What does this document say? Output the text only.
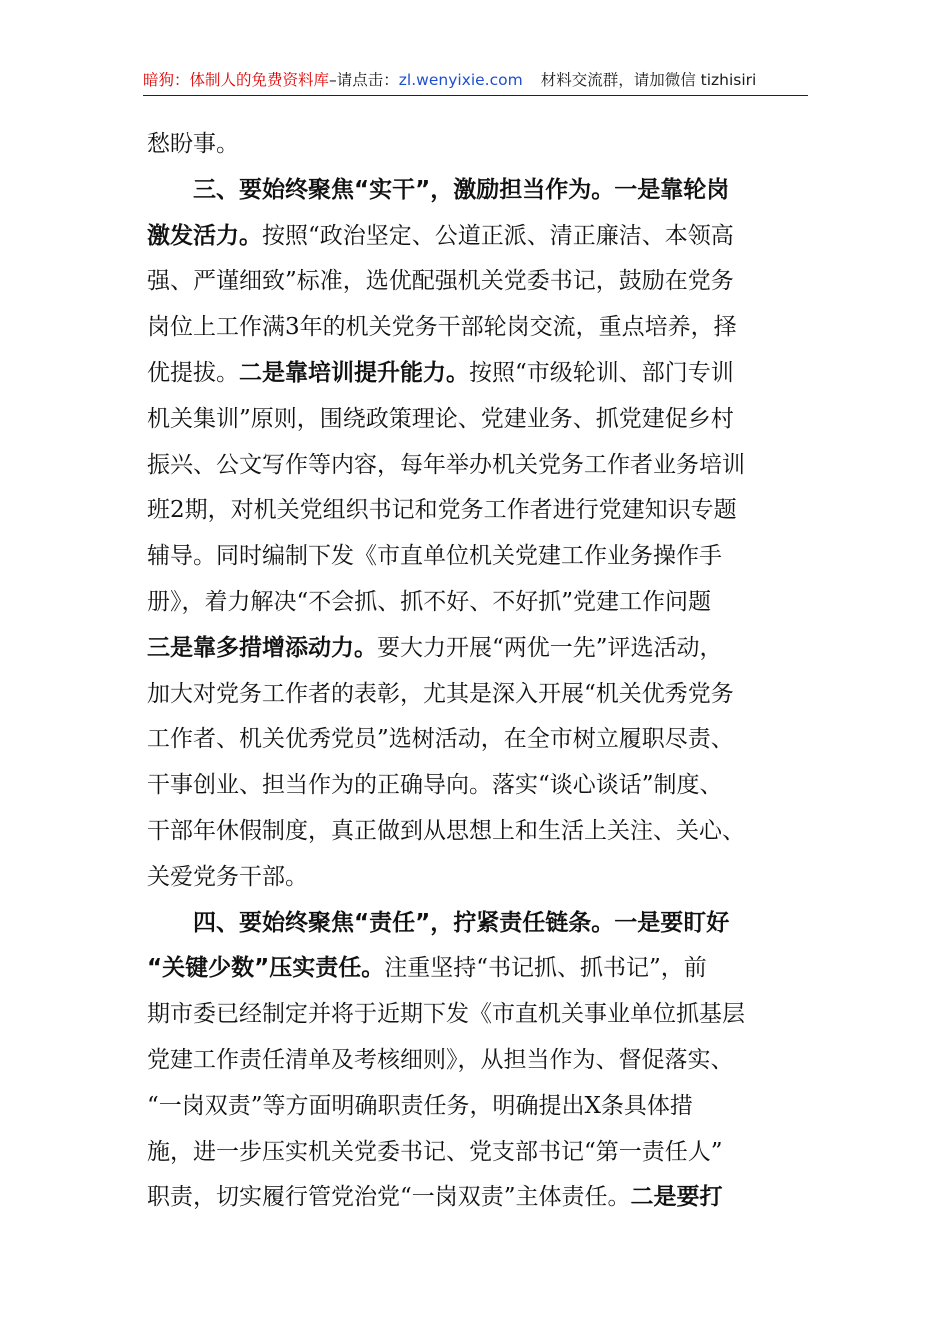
暗狗：体制人的免费资料库–请点击：zl.wenyixie.com 材料交流群，请加微信 tizhisiri
愁盼事。
三、要始终聚焦“实干”，激励担当作为。一是靠轮岗
激发活力。按照“政治坚定、公道正派、清正廉洁、本领高
强、严谨细致”标准，选优配强机关党委书记，鼓励在党务
岗位上工作满3年的机关党务干部轮岗交流，重点培养，择
优提拔。二是靠培训提升能力。按照“市级轮训、部门专训
机关集训”原则，围绕政策理论、党建业务、抓党建促乡村
振兴、公文写作等内容，每年举办机关党务工作者业务培训
班2期，对机关党组织书记和党务工作者进行党建知识专题
辅导。同时编制下发《市直单位机关党建工作业务操作手
册》，着力解决“不会抓、抓不好、不好抓”党建工作问题
三是靠多措增添动力。要大力开展“两优一先”评选活动，
加大对党务工作者的表彰，尤其是深入开展“机关优秀党务
工作者、机关优秀党员”选树活动，在全市树立履职尽责、
干事创业、担当作为的正确导向。落实“谈心谈话”制度、
干部年休假制度，真正做到从思想上和生活上关注、关心、
关爱党务干部。
四、要始终聚焦“责任”，拧紧责任链条。一是要盯好
“关键少数”压实责任。注重坚持“书记抓、抓书记”，前
期市委已经制定并将于近期下发《市直机关事业单位抓基层
党建工作责任清单及考核细则》，从担当作为、督促落实、
“一岗双责”等方面明确职责任务，明确提出X条具体措
施，进一步压实机关党委书记、党支部书记“第一责任人”
职责，切实履行管党治党“一岗双责”主体责任。二是要打
